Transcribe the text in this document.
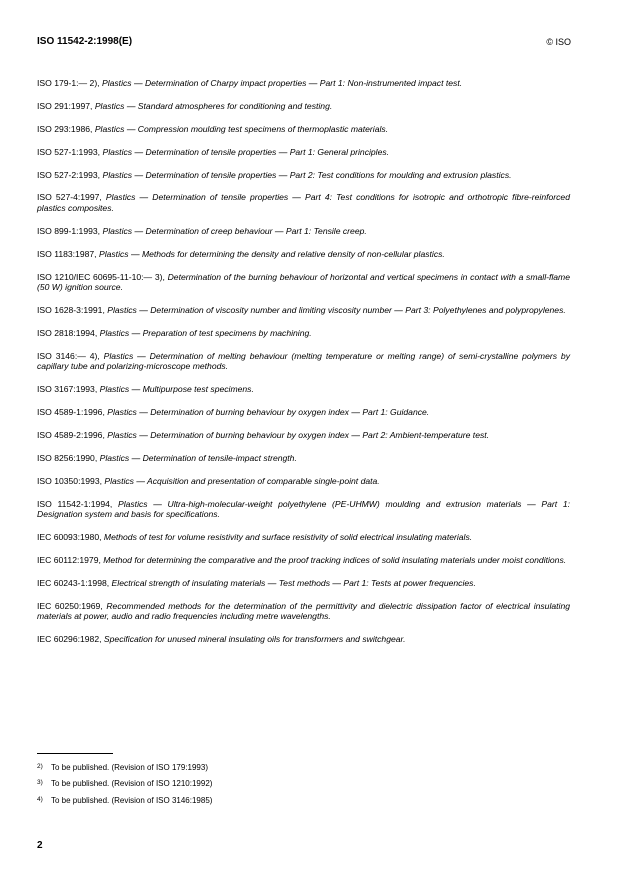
ISO 11542-2:1998(E)	© ISO

ISO 179-1:— 2), Plastics — Determination of Charpy impact properties — Part 1: Non-instrumented impact test.

ISO 291:1997, Plastics — Standard atmospheres for conditioning and testing.

ISO 293:1986, Plastics — Compression moulding test specimens of thermoplastic materials.

ISO 527-1:1993, Plastics — Determination of tensile properties — Part 1: General principles.

ISO 527-2:1993, Plastics — Determination of tensile properties — Part 2: Test conditions for moulding and extrusion plastics.

ISO 527-4:1997, Plastics — Determination of tensile properties — Part 4: Test conditions for isotropic and orthotropic fibre-reinforced plastics composites.

ISO 899-1:1993, Plastics — Determination of creep behaviour — Part 1: Tensile creep.

ISO 1183:1987, Plastics — Methods for determining the density and relative density of non-cellular plastics.

ISO 1210/IEC 60695-11-10:— 3), Determination of the burning behaviour of horizontal and vertical specimens in contact with a small-flame (50 W) ignition source.

ISO 1628-3:1991, Plastics — Determination of viscosity number and limiting viscosity number — Part 3: Polyethylenes and polypropylenes.

ISO 2818:1994, Plastics — Preparation of test specimens by machining.

ISO 3146:— 4), Plastics — Determination of melting behaviour (melting temperature or melting range) of semi-crystalline polymers by capillary tube and polarizing-microscope methods.

ISO 3167:1993, Plastics — Multipurpose test specimens.

ISO 4589-1:1996, Plastics — Determination of burning behaviour by oxygen index — Part 1: Guidance.

ISO 4589-2:1996, Plastics — Determination of burning behaviour by oxygen index — Part 2: Ambient-temperature test.

ISO 8256:1990, Plastics — Determination of tensile-impact strength.

ISO 10350:1993, Plastics — Acquisition and presentation of comparable single-point data.

ISO 11542-1:1994, Plastics — Ultra-high-molecular-weight polyethylene (PE-UHMW) moulding and extrusion materials — Part 1: Designation system and basis for specifications.

IEC 60093:1980, Methods of test for volume resistivity and surface resistivity of solid electrical insulating materials.

IEC 60112:1979, Method for determining the comparative and the proof tracking indices of solid insulating materials under moist conditions.

IEC 60243-1:1998, Electrical strength of insulating materials — Test methods — Part 1: Tests at power frequencies.

IEC 60250:1969, Recommended methods for the determination of the permittivity and dielectric dissipation factor of electrical insulating materials at power, audio and radio frequencies including metre wavelengths.

IEC 60296:1982, Specification for unused mineral insulating oils for transformers and switchgear.

2) To be published. (Revision of ISO 179:1993)

3) To be published. (Revision of ISO 1210:1992)

4) To be published. (Revision of ISO 3146:1985)

2
